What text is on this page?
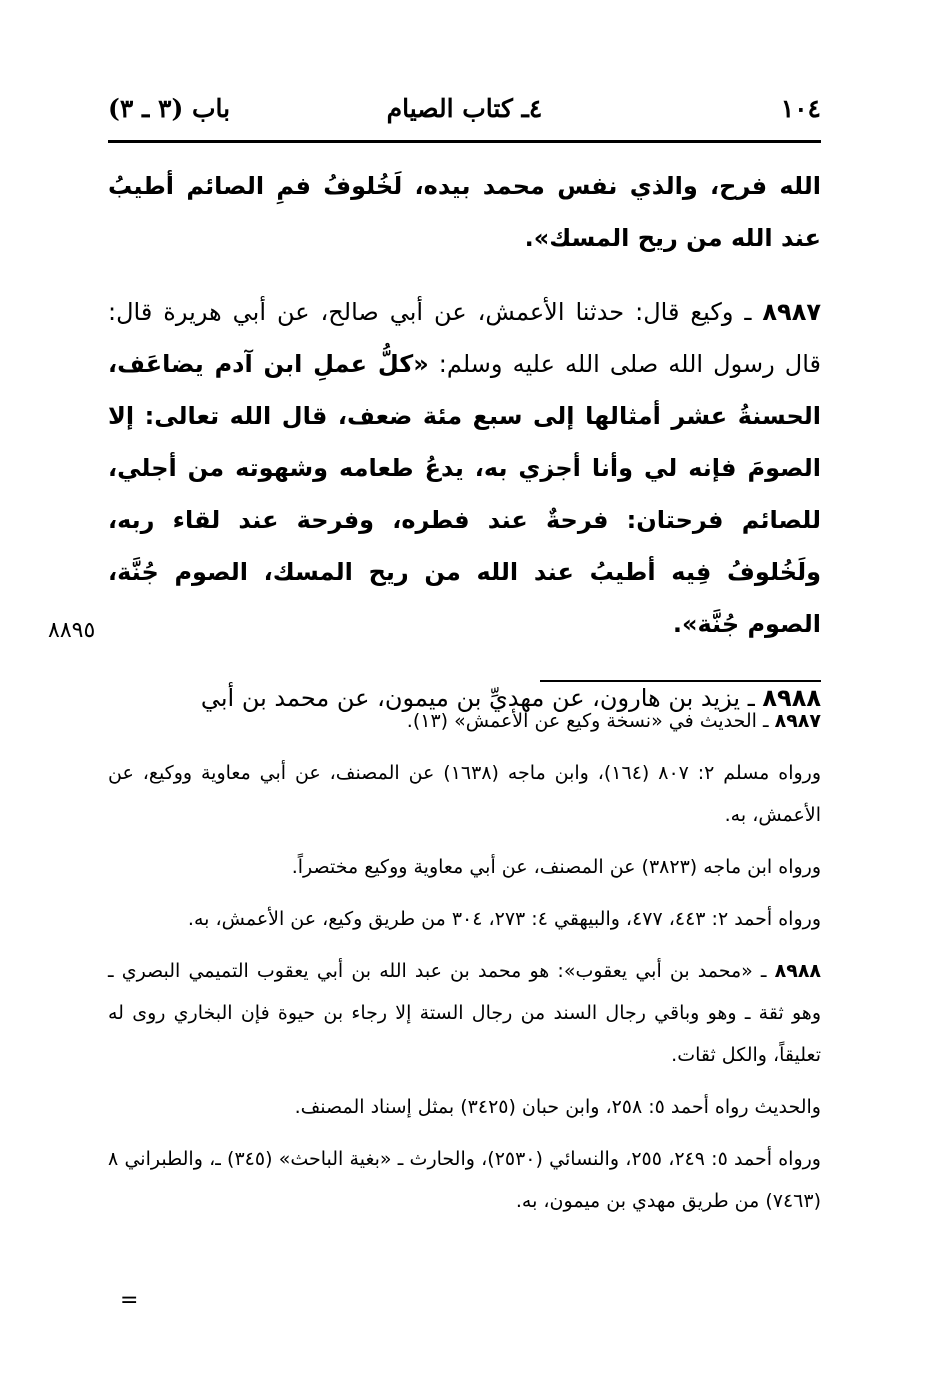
باب (٣ ـ ٣)	٤ـ كتاب الصيام	١٠٤

الله فرح، والذي نفس محمد بيده، لَخُلوفُ فمِ الصائم أطيبُ عند الله من ريح المسك».

٨٩٨٧ ـ وكيع قال: حدثنا الأعمش، عن أبي صالح، عن أبي هريرة قال: قال رسول الله صلى الله عليه وسلم: «كلُّ عملِ ابن آدم يضاعَف، الحسنةُ عشر أمثالها إلى سبع مئة ضعف، قال الله تعالى: إلا الصومَ فإنه لي وأنا أجزي به، يدعُ طعامه وشهوته من أجلي، للصائم فرحتان: فرحةٌ عند فطره، وفرحة عند لقاء ربه، ولَخُلوفُ فِيه أطيبُ عند الله من ريح المسك، الصوم جُنَّة، الصوم جُنَّة».

٨٩٨٨ ـ يزيد بن هارون، عن مهديِّ بن ميمون، عن محمد بن أبي

٨٨٩٥

٨٩٨٧ ـ الحديث في «نسخة وكيع عن الأعمش» (١٣).

ورواه مسلم ٢: ٨٠٧ (١٦٤)، وابن ماجه (١٦٣٨) عن المصنف، عن أبي معاوية ووكيع، عن الأعمش، به.

ورواه ابن ماجه (٣٨٢٣) عن المصنف، عن أبي معاوية ووكيع مختصراً.

ورواه أحمد ٢: ٤٤٣، ٤٧٧، والبيهقي ٤: ٢٧٣، ٣٠٤ من طريق وكيع، عن الأعمش، به.

٨٩٨٨ ـ «محمد بن أبي يعقوب»: هو محمد بن عبد الله بن أبي يعقوب التميمي البصري ـ وهو ثقة ـ وهو وباقي رجال السند من رجال الستة إلا رجاء بن حيوة فإن البخاري روى له تعليقاً، والكل ثقات.

والحديث رواه أحمد ٥: ٢٥٨، وابن حبان (٣٤٢٥) بمثل إسناد المصنف.

ورواه أحمد ٥: ٢٤٩، ٢٥٥، والنسائي (٢٥٣٠)، والحارث ـ «بغية الباحث» (٣٤٥) ـ، والطبراني ٨ (٧٤٦٣) من طريق مهدي بن ميمون، به.

=
